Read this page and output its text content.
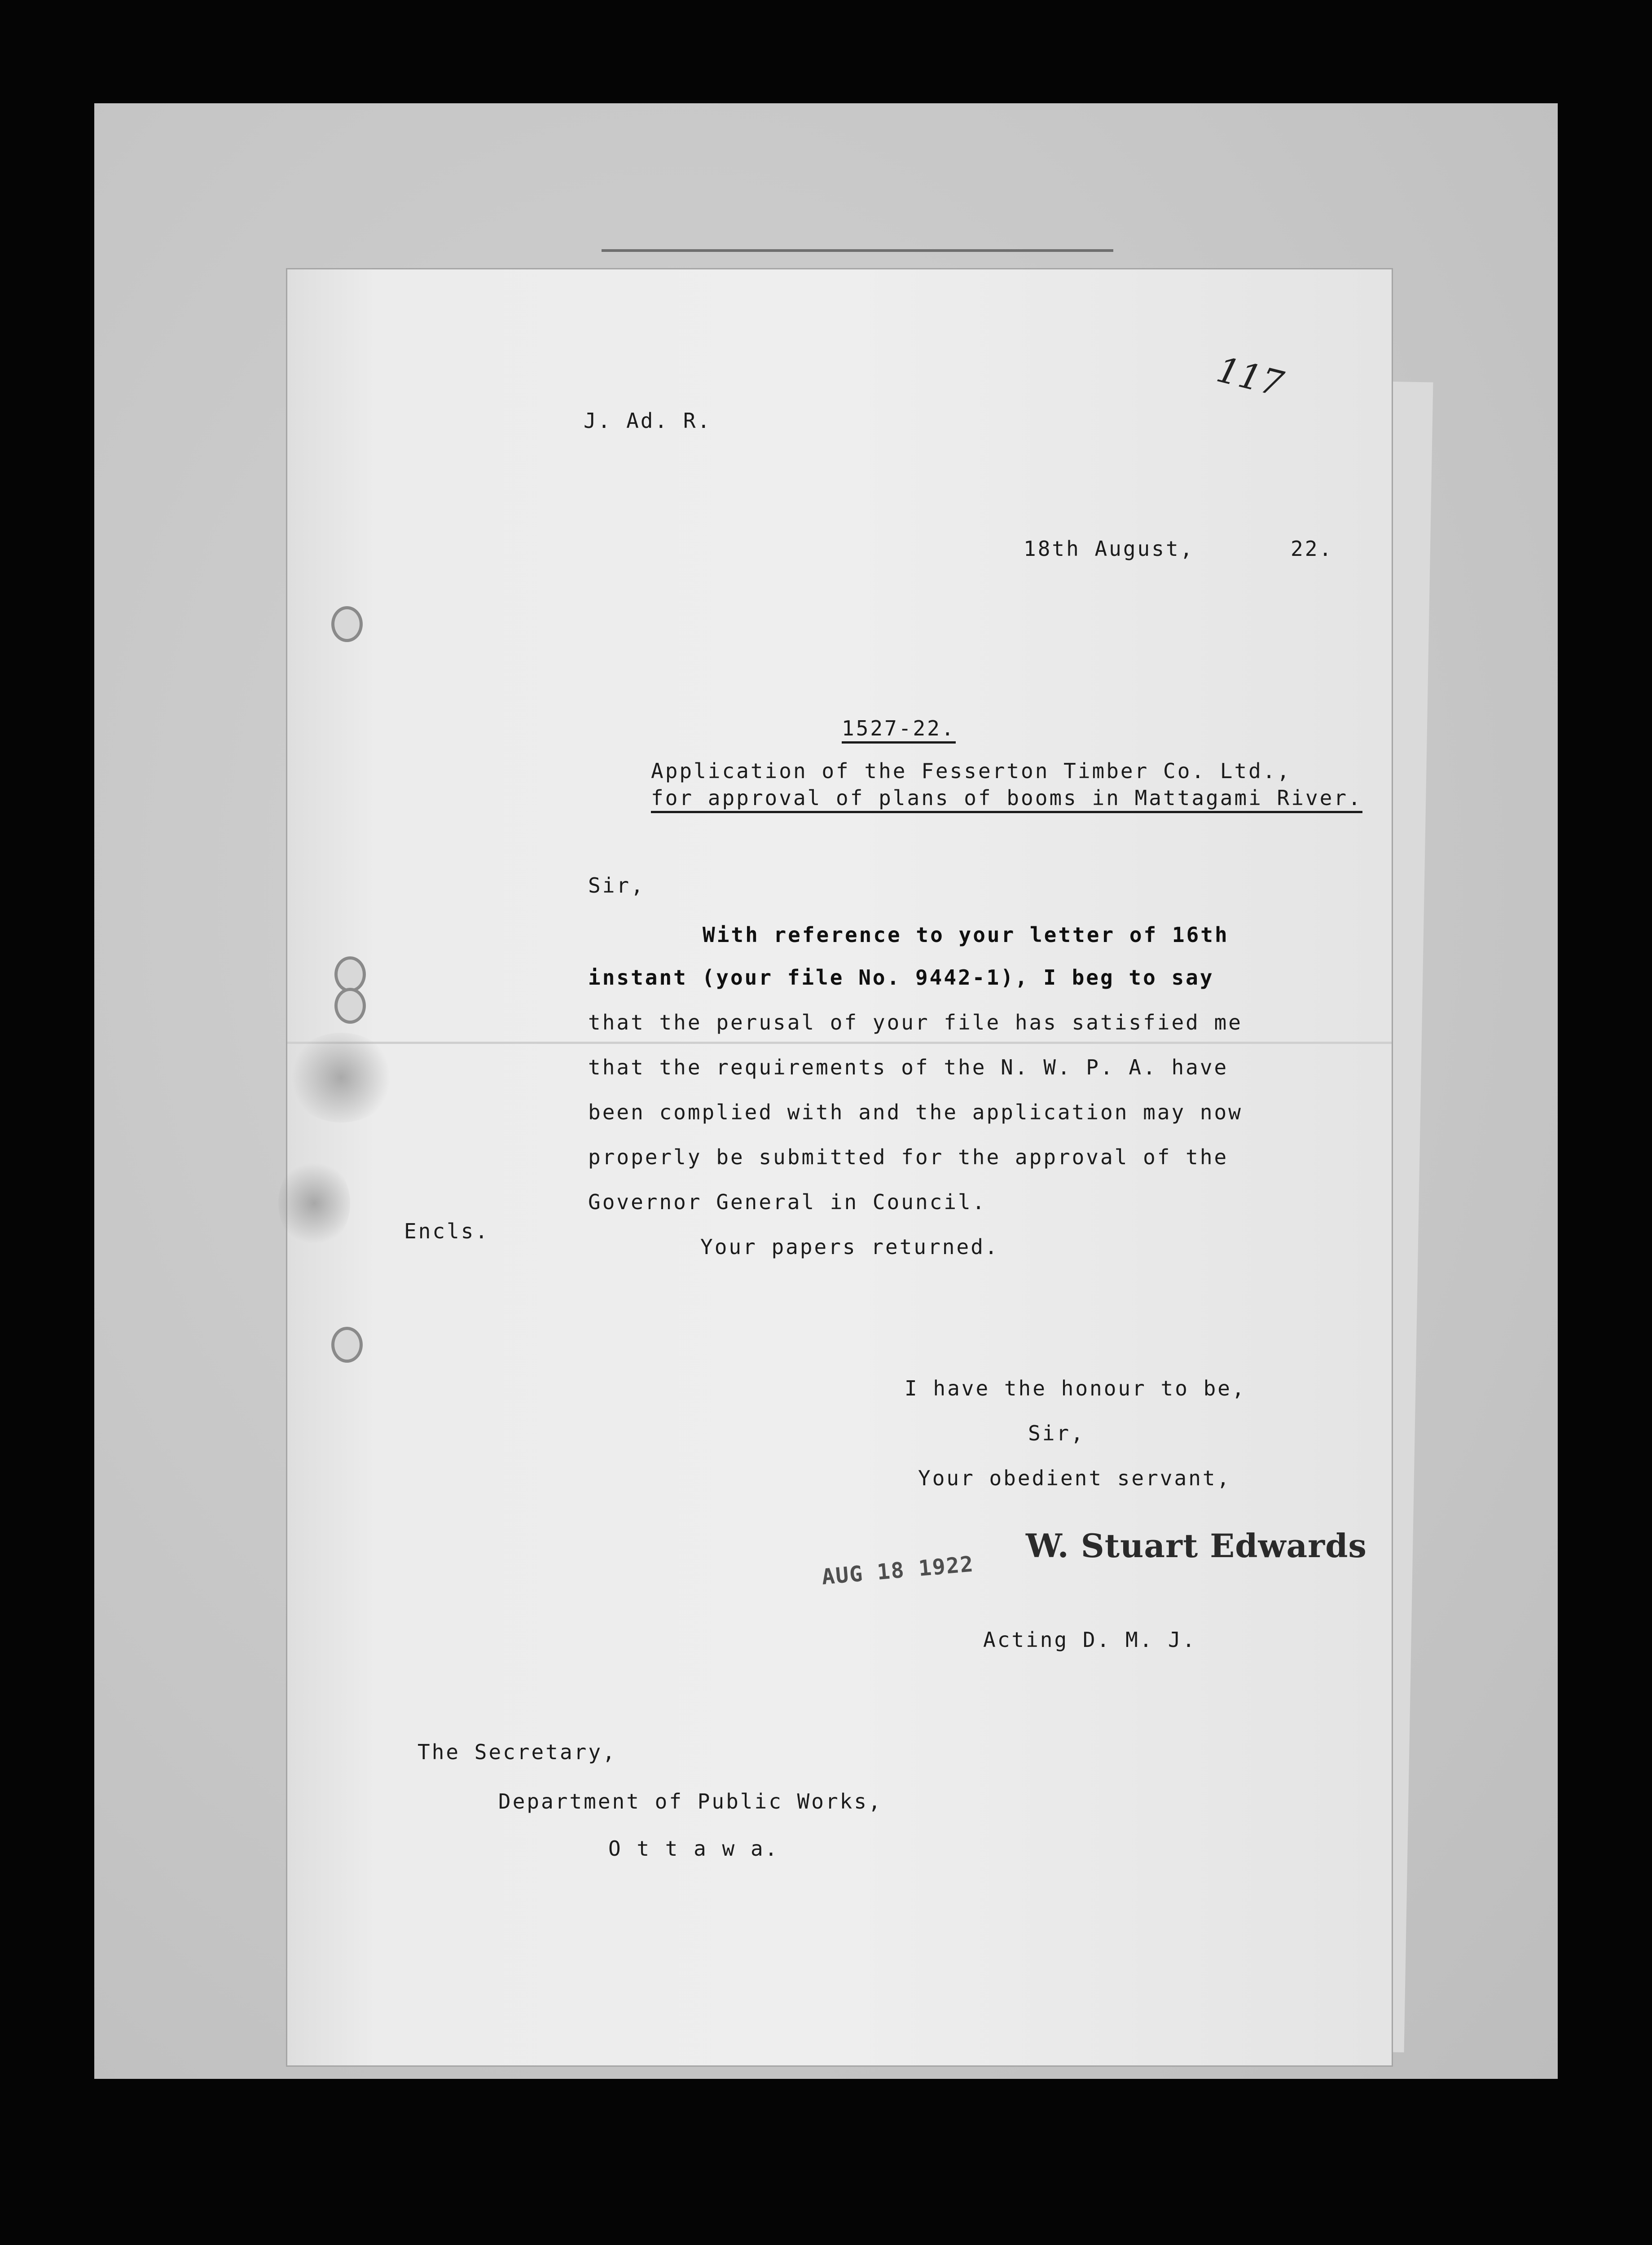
117
J. Ad. R.
18th August,	22.
1527-22.
Application of the Fesserton Timber Co. Ltd.,
for approval of plans of booms in Mattagami River.
Sir,
With reference to your letter of 16th
instant (your file No. 9442-1), I beg to say
that the perusal of your file has satisfied me
that the requirements of the N. W. P. A. have
been complied with and the application may now
properly be submitted for the approval of the
Governor General in Council.
Encls.
Your papers returned.
I have the honour to be,
Sir,
Your obedient servant,
AUG 18 1922
W. Stuart Edwards
Acting D. M. J.
The Secretary,
Department of Public Works,
O t t a w a.
